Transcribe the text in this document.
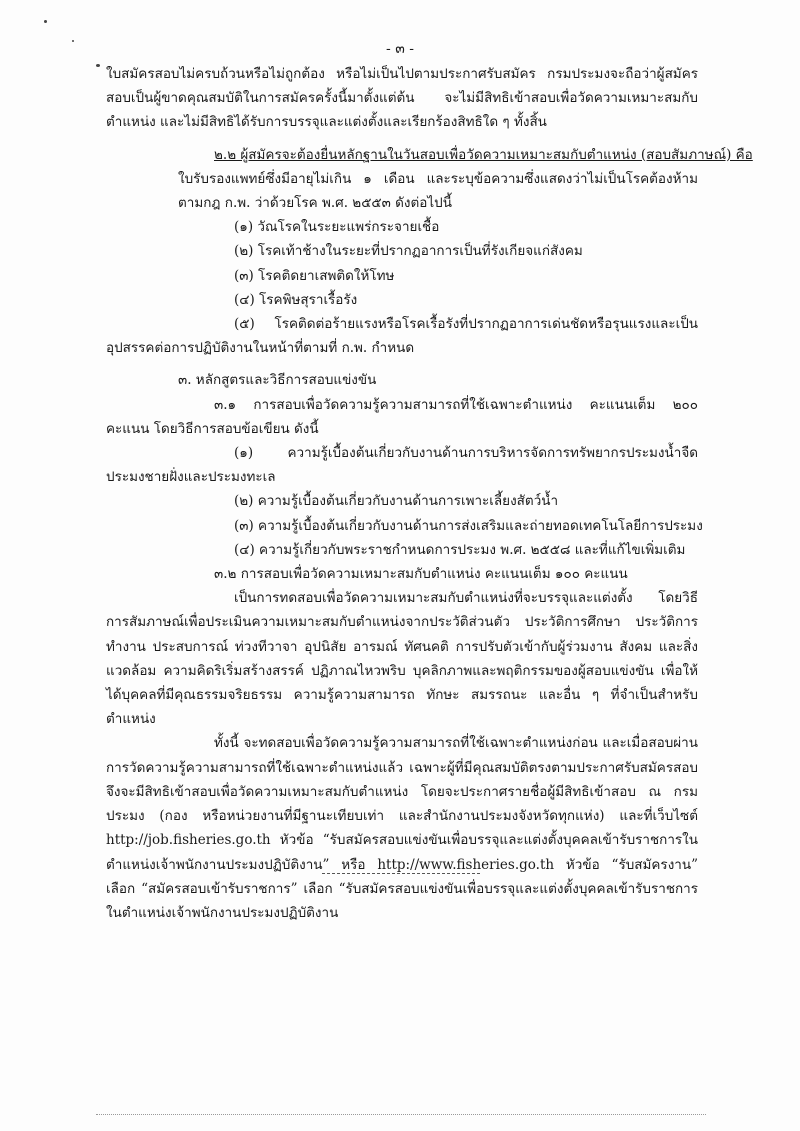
- ๓ -

ใบสมัครสอบไม่ครบถ้วนหรือไม่ถูกต้อง หรือไม่เป็นไปตามประกาศรับสมัคร กรมประมงจะถือว่าผู้สมัครสอบเป็นผู้ขาดคุณสมบัติในการสมัครครั้งนี้มาตั้งแต่ต้น จะไม่มีสิทธิเข้าสอบเพื่อวัดความเหมาะสมกับตำแหน่ง และไม่มีสิทธิได้รับการบรรจุและแต่งตั้งและเรียกร้องสิทธิใด ๆ ทั้งสิ้น

๒.๒ ผู้สมัครจะต้องยื่นหลักฐานในวันสอบเพื่อวัดความเหมาะสมกับตำแหน่ง (สอบสัมภาษณ์) คือ

ใบรับรองแพทย์ซึ่งมีอายุไม่เกิน ๑ เดือน และระบุข้อความซึ่งแสดงว่าไม่เป็นโรคต้องห้ามตามกฎ ก.พ. ว่าด้วยโรค พ.ศ. ๒๕๕๓ ดังต่อไปนี้

(๑) วัณโรคในระยะแพร่กระจายเชื้อ

(๒) โรคเท้าช้างในระยะที่ปรากฏอาการเป็นที่รังเกียจแก่สังคม

(๓) โรคติดยาเสพติดให้โทษ

(๔) โรคพิษสุราเรื้อรัง

(๕) โรคติดต่อร้ายแรงหรือโรคเรื้อรังที่ปรากฏอาการเด่นชัดหรือรุนแรงและเป็นอุปสรรคต่อการปฏิบัติงานในหน้าที่ตามที่ ก.พ. กำหนด

๓. หลักสูตรและวิธีการสอบแข่งขัน

๓.๑ การสอบเพื่อวัดความรู้ความสามารถที่ใช้เฉพาะตำแหน่ง คะแนนเต็ม ๒๐๐ คะแนน โดยวิธีการสอบข้อเขียน ดังนี้

(๑) ความรู้เบื้องต้นเกี่ยวกับงานด้านการบริหารจัดการทรัพยากรประมงน้ำจืด ประมงชายฝั่งและประมงทะเล

(๒) ความรู้เบื้องต้นเกี่ยวกับงานด้านการเพาะเลี้ยงสัตว์น้ำ

(๓) ความรู้เบื้องต้นเกี่ยวกับงานด้านการส่งเสริมและถ่ายทอดเทคโนโลยีการประมง

(๔) ความรู้เกี่ยวกับพระราชกำหนดการประมง พ.ศ. ๒๕๕๘ และที่แก้ไขเพิ่มเติม

๓.๒ การสอบเพื่อวัดความเหมาะสมกับตำแหน่ง คะแนนเต็ม ๑๐๐ คะแนน

เป็นการทดสอบเพื่อวัดความเหมาะสมกับตำแหน่งที่จะบรรจุและแต่งตั้ง โดยวิธีการสัมภาษณ์เพื่อประเมินความเหมาะสมกับตำแหน่งจากประวัติส่วนตัว ประวัติการศึกษา ประวัติการทำงาน ประสบการณ์ ท่วงทีวาจา อุปนิสัย อารมณ์ ทัศนคติ การปรับตัวเข้ากับผู้ร่วมงาน สังคม และสิ่งแวดล้อม ความคิดริเริ่มสร้างสรรค์ ปฏิภาณไหวพริบ บุคลิกภาพและพฤติกรรมของผู้สอบแข่งขัน เพื่อให้ได้บุคคลที่มีคุณธรรมจริยธรรม ความรู้ความสามารถ ทักษะ สมรรถนะ และอื่น ๆ ที่จำเป็นสำหรับตำแหน่ง

ทั้งนี้ จะทดสอบเพื่อวัดความรู้ความสามารถที่ใช้เฉพาะตำแหน่งก่อน และเมื่อสอบผ่านการวัดความรู้ความสามารถที่ใช้เฉพาะตำแหน่งแล้ว เฉพาะผู้ที่มีคุณสมบัติตรงตามประกาศรับสมัครสอบ จึงจะมีสิทธิเข้าสอบเพื่อวัดความเหมาะสมกับตำแหน่ง โดยจะประกาศรายชื่อผู้มีสิทธิเข้าสอบ ณ กรมประมง (กอง หรือหน่วยงานที่มีฐานะเทียบเท่า และสำนักงานประมงจังหวัดทุกแห่ง) และที่เว็บไซต์ http://job.fisheries.go.th หัวข้อ “รับสมัครสอบแข่งขันเพื่อบรรจุและแต่งตั้งบุคคลเข้ารับราชการในตำแหน่งเจ้าพนักงานประมงปฏิบัติงาน” หรือ http://www.fisheries.go.th หัวข้อ “รับสมัครงาน” เลือก “สมัครสอบเข้ารับราชการ” เลือก “รับสมัครสอบแข่งขันเพื่อบรรจุและแต่งตั้งบุคคลเข้ารับราชการในตำแหน่งเจ้าพนักงานประมงปฏิบัติงาน
